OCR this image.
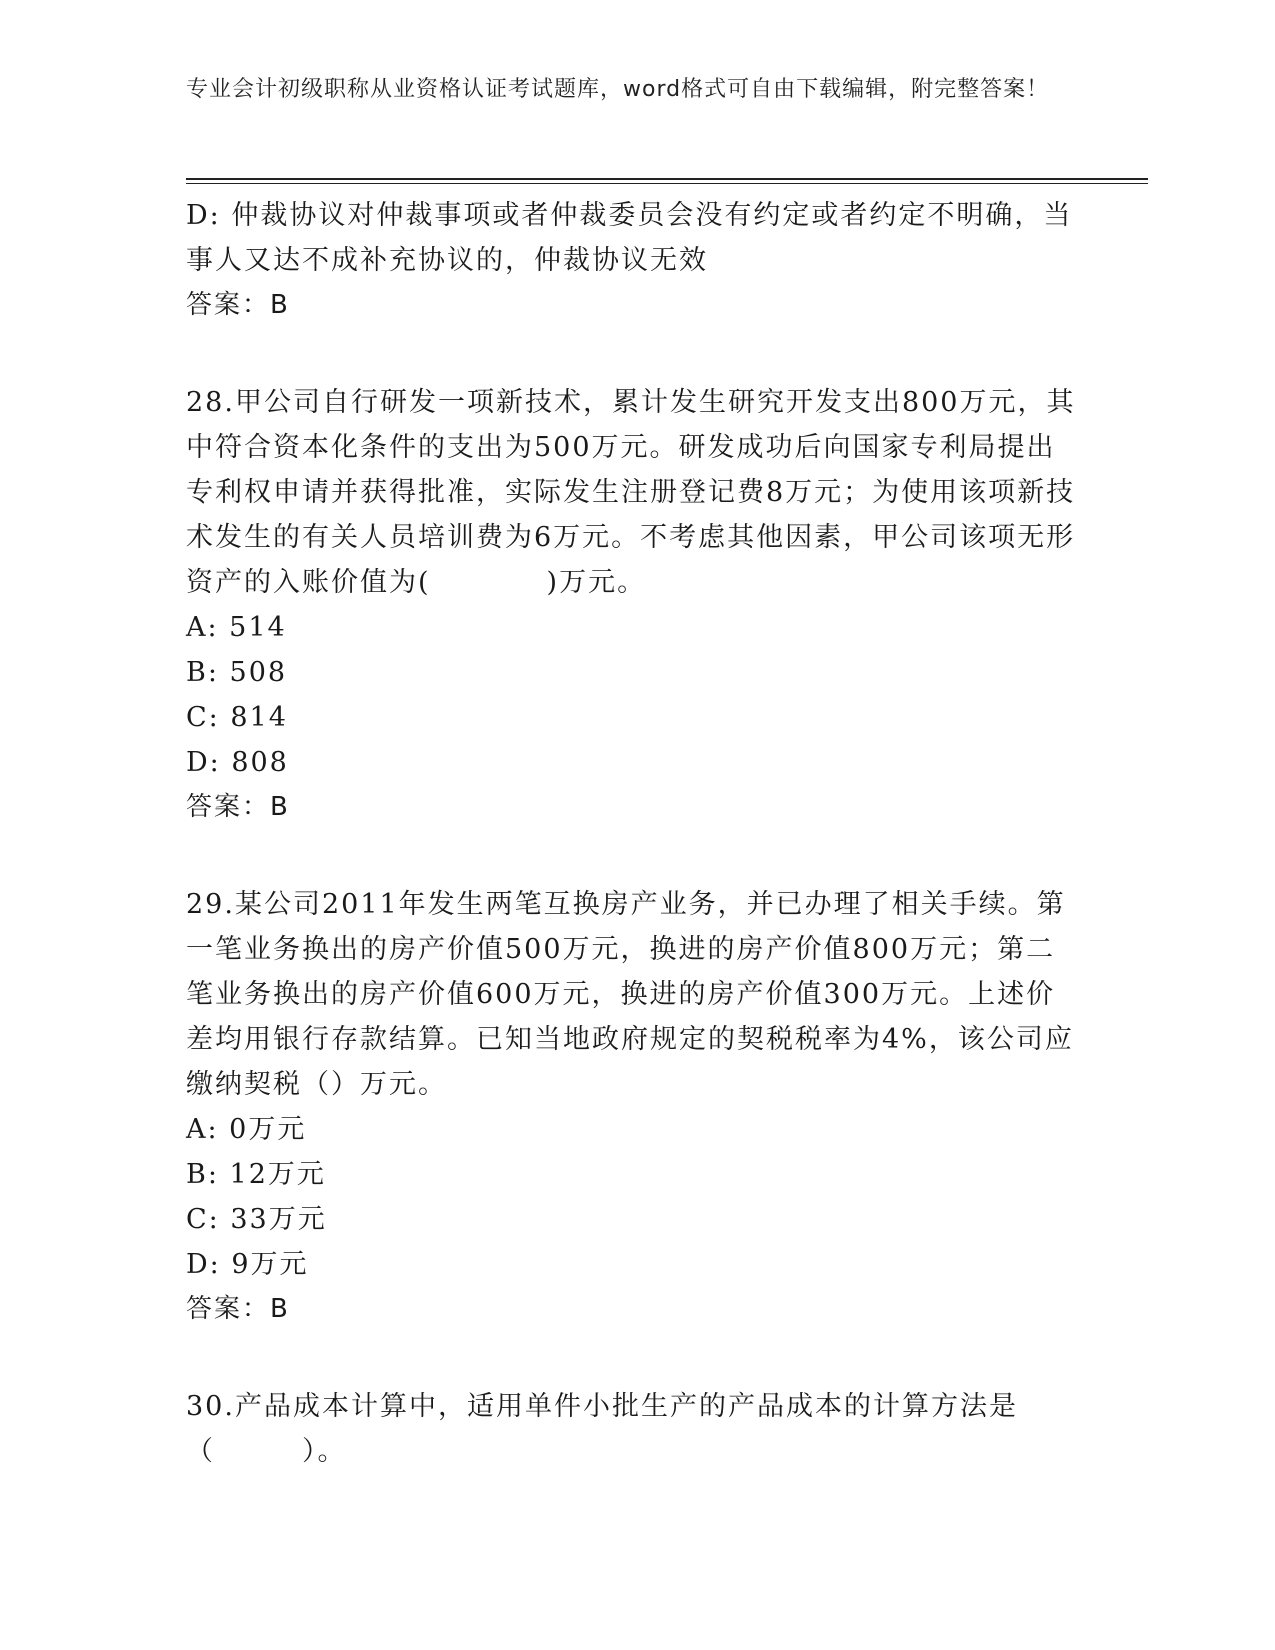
专业会计初级职称从业资格认证考试题库，word格式可自由下载编辑，附完整答案！

D: 仲裁协议对仲裁事项或者仲裁委员会没有约定或者约定不明确，当事人又达不成补充协议的，仲裁协议无效

答案：B

28.甲公司自行研发一项新技术，累计发生研究开发支出800万元，其中符合资本化条件的支出为500万元。研发成功后向国家专利局提出专利权申请并获得批准，实际发生注册登记费8万元；为使用该项新技术发生的有关人员培训费为6万元。不考虑其他因素，甲公司该项无形资产的入账价值为(　　　　)万元。

A: 514

B: 508

C: 814

D: 808

答案：B

29.某公司2011年发生两笔互换房产业务，并已办理了相关手续。第一笔业务换出的房产价值500万元，换进的房产价值800万元；第二笔业务换出的房产价值600万元，换进的房产价值300万元。上述价差均用银行存款结算。已知当地政府规定的契税税率为4%，该公司应缴纳契税（）万元。

A: 0万元

B: 12万元

C: 33万元

D: 9万元

答案：B

30.产品成本计算中，适用单件小批生产的产品成本的计算方法是（　　　）。
